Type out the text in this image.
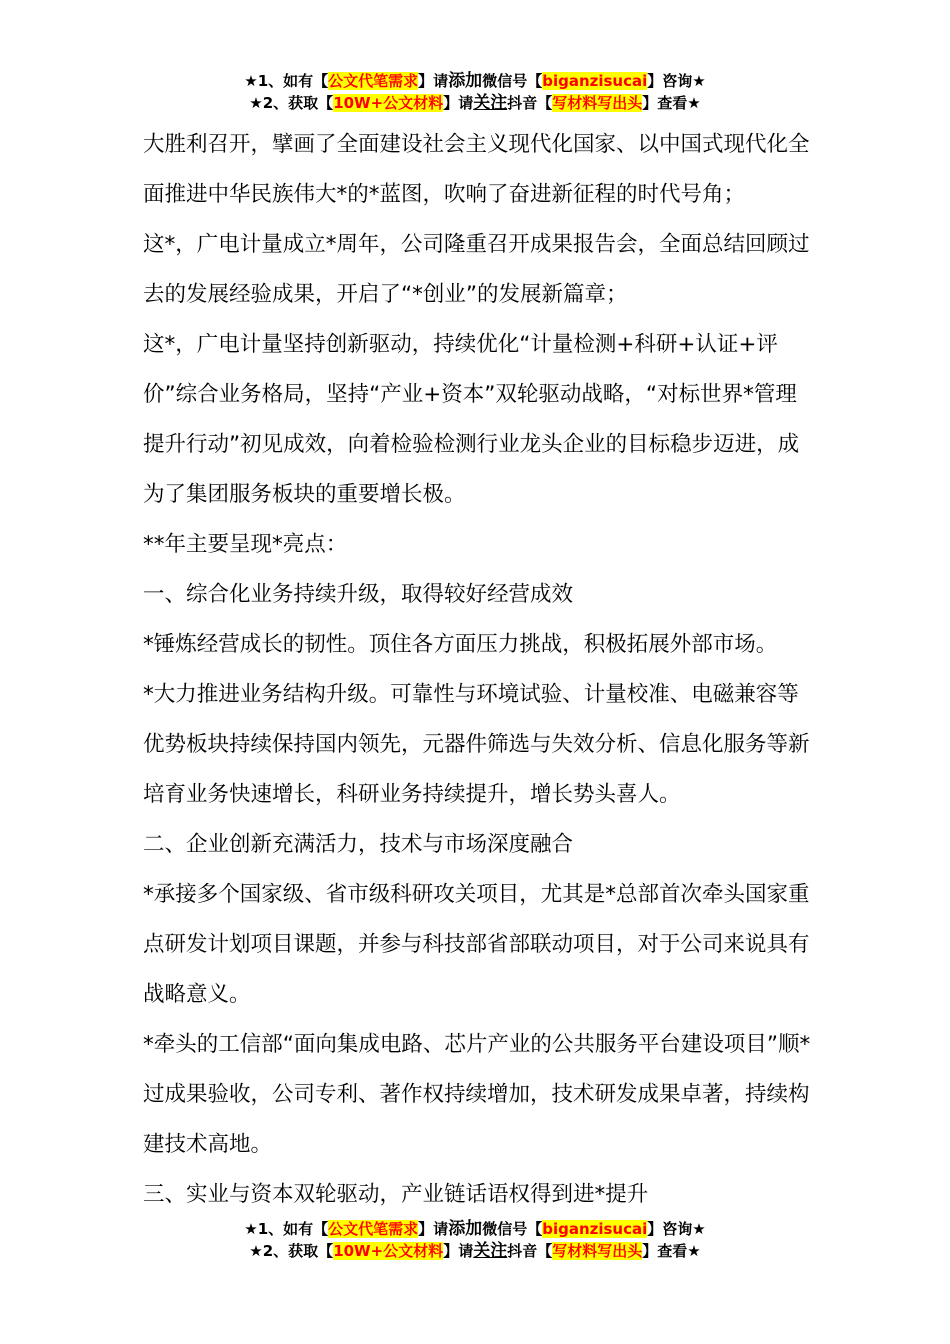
★1、如有【公文代笔需求】请添加微信号【biganzisucai】咨询★
★2、获取【10W+公文材料】请关注抖音【写材料写出头】查看★

大胜利召开，擘画了全面建设社会主义现代化国家、以中国式现代化全面推进中华民族伟大*的*蓝图，吹响了奋进新征程的时代号角；

这*，广电计量成立*周年，公司隆重召开成果报告会，全面总结回顾过去的发展经验成果，开启了“*创业”的发展新篇章；

这*，广电计量坚持创新驱动，持续优化“计量检测+科研+认证+评价”综合业务格局，坚持“产业+资本”双轮驱动战略，“对标世界*管理提升行动”初见成效，向着检验检测行业龙头企业的目标稳步迈进，成为了集团服务板块的重要增长极。

**年主要呈现*亮点：

一、综合化业务持续升级，取得较好经营成效

*锤炼经营成长的韧性。顶住各方面压力挑战，积极拓展外部市场。

*大力推进业务结构升级。可靠性与环境试验、计量校准、电磁兼容等优势板块持续保持国内领先，元器件筛选与失效分析、信息化服务等新培育业务快速增长，科研业务持续提升，增长势头喜人。

二、企业创新充满活力，技术与市场深度融合

*承接多个国家级、省市级科研攻关项目，尤其是*总部首次牵头国家重点研发计划项目课题，并参与科技部省部联动项目，对于公司来说具有战略意义。

*牵头的工信部“面向集成电路、芯片产业的公共服务平台建设项目”顺*过成果验收，公司专利、著作权持续增加，技术研发成果卓著，持续构建技术高地。

三、实业与资本双轮驱动，产业链话语权得到进*提升

★1、如有【公文代笔需求】请添加微信号【biganzisucai】咨询★
★2、获取【10W+公文材料】请关注抖音【写材料写出头】查看★
